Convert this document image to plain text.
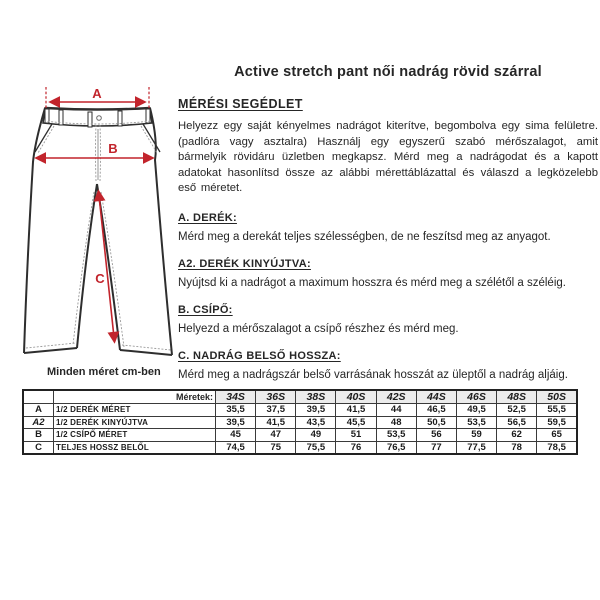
Active stretch pant női nadrág rövid szárral
A
B
C
MÉRÉSI SEGÉDLET

Helyezz egy saját kényelmes nadrágot kiterítve, begombolva egy sima felületre. (padlóra vagy asztalra) Használj egy egyszerű szabó mérőszalagot, amit bármelyik rövidáru üzletben megkapsz. Mérd meg a nadrágodat és a kapott adatokat hasonlítsd össze az alábbi mérettáblázattal és válaszd a legközelebb eső méretet.

A. DERÉK:

Mérd meg a derekát teljes szélességben, de ne feszítsd meg az anyagot.

A2. DERÉK KINYÚJTVA:

Nyújtsd ki a nadrágot a maximum hosszra és mérd meg a szélétől a széléig.

B. CSÍPŐ:

Helyezd a mérőszalagot a csípő részhez és mérd meg.

C. NADRÁG BELSŐ HOSSZA:

Mérd meg a nadrágszár belső varrásának hosszát az üleptől a nadrág aljáig.

Minden méret cm-ben
	Méretek:	34S	36S	38S	40S	42S	44S	46S	48S	50S
A	1/2 DERÉK MÉRET	35,5	37,5	39,5	41,5	44	46,5	49,5	52,5	55,5
A2	1/2 DERÉK KINYÚJTVA	39,5	41,5	43,5	45,5	48	50,5	53,5	56,5	59,5
B	1/2 CSÍPŐ MÉRET	45	47	49	51	53,5	56	59	62	65
C	TELJES HOSSZ BELŐL	74,5	75	75,5	76	76,5	77	77,5	78	78,5
